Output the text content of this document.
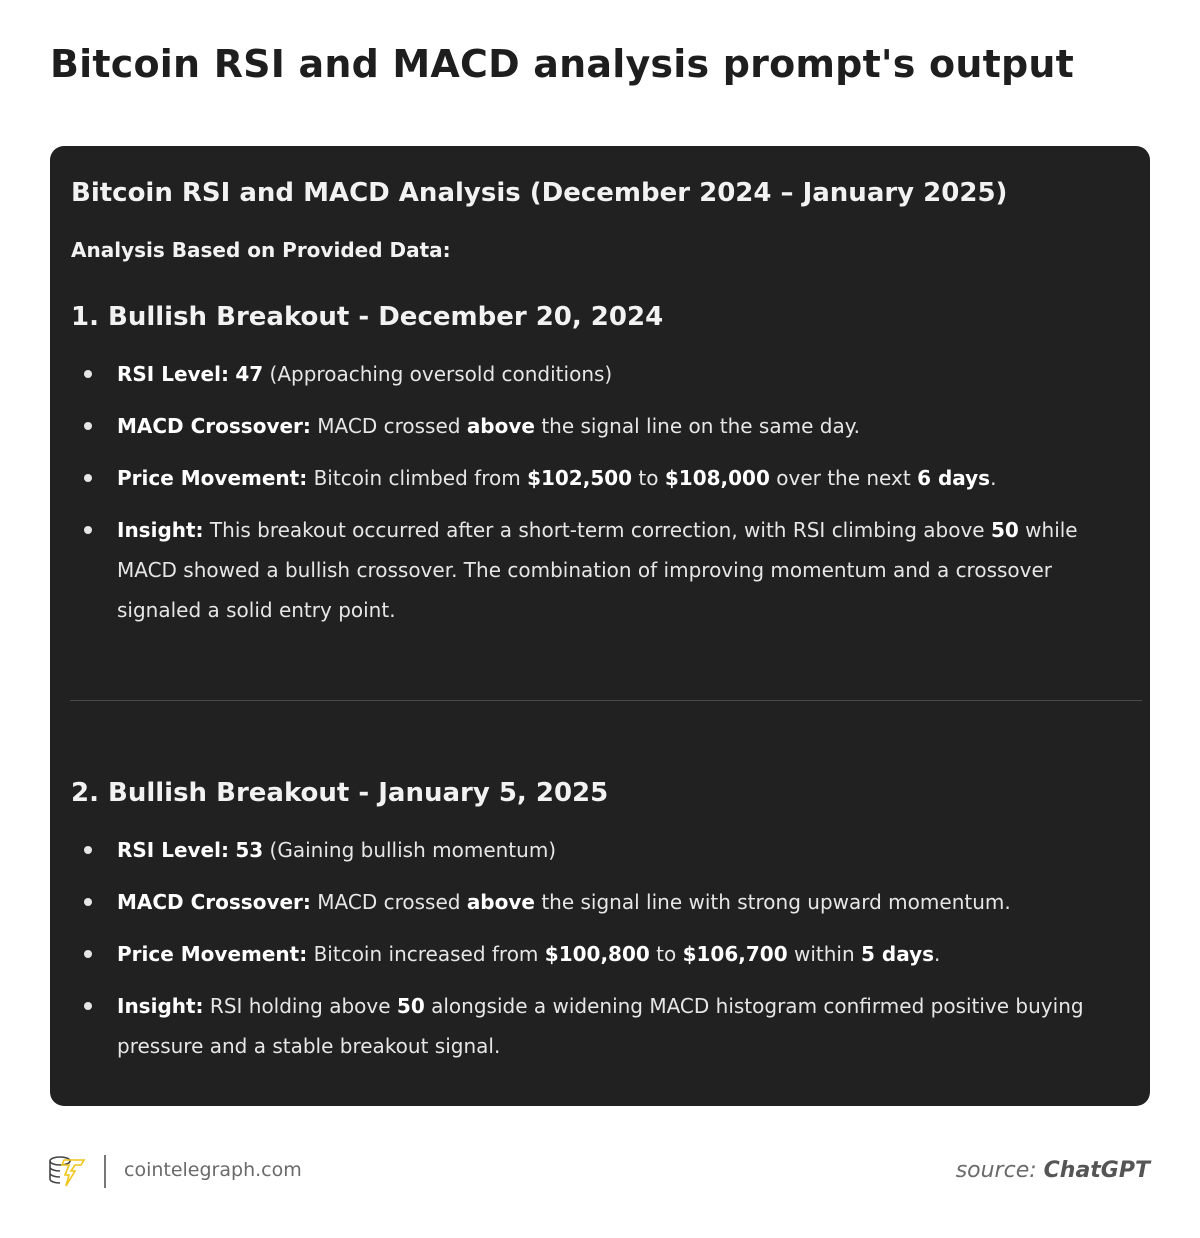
Bitcoin RSI and MACD analysis prompt's output
Bitcoin RSI and MACD Analysis (December 2024 – January 2025)
Analysis Based on Provided Data:
1. Bullish Breakout - December 20, 2024
RSI Level: 47 (Approaching oversold conditions)
MACD Crossover: MACD crossed above the signal line on the same day.
Price Movement: Bitcoin climbed from $102,500 to $108,000 over the next 6 days.
Insight: This breakout occurred after a short-term correction, with RSI climbing above 50 while MACD showed a bullish crossover. The combination of improving momentum and a crossover signaled a solid entry point.
2. Bullish Breakout - January 5, 2025
RSI Level: 53 (Gaining bullish momentum)
MACD Crossover: MACD crossed above the signal line with strong upward momentum.
Price Movement: Bitcoin increased from $100,800 to $106,700 within 5 days.
Insight: RSI holding above 50 alongside a widening MACD histogram confirmed positive buying pressure and a stable breakout signal.
cointelegraph.com	source: ChatGPT
